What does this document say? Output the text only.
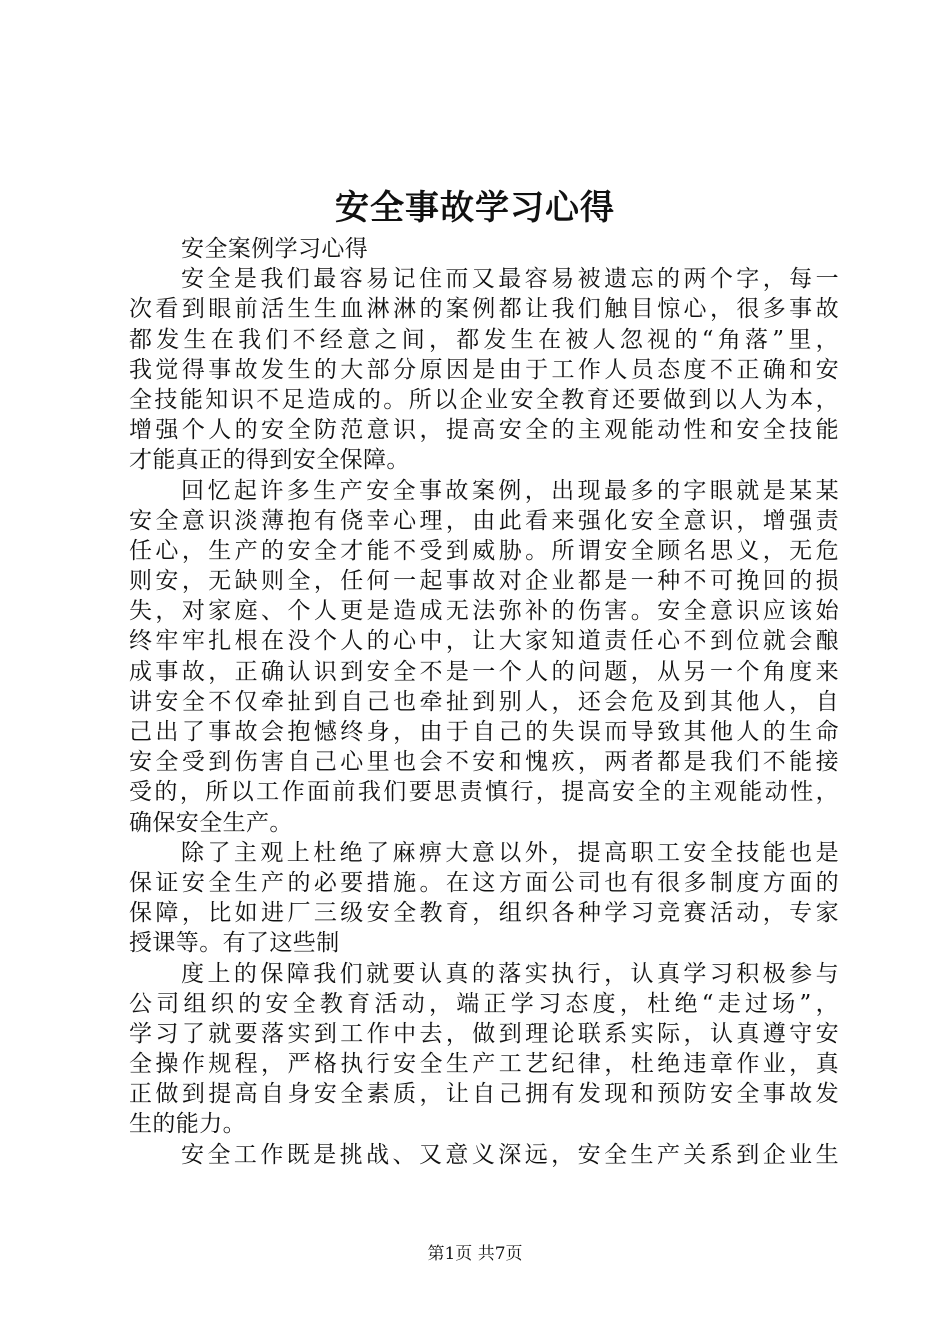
安全事故学习心得
安全案例学习心得
安全是我们最容易记住而又最容易被遗忘的两个字，每一
次看到眼前活生生血淋淋的案例都让我们触目惊心，很多事故
都发生在我们不经意之间，都发生在被人忽视的“角落”里，
我觉得事故发生的大部分原因是由于工作人员态度不正确和安
全技能知识不足造成的。所以企业安全教育还要做到以人为本，
增强个人的安全防范意识，提高安全的主观能动性和安全技能
才能真正的得到安全保障。
回忆起许多生产安全事故案例，出现最多的字眼就是某某
安全意识淡薄抱有侥幸心理，由此看来强化安全意识，增强责
任心，生产的安全才能不受到威胁。所谓安全顾名思义，无危
则安，无缺则全，任何一起事故对企业都是一种不可挽回的损
失，对家庭、个人更是造成无法弥补的伤害。安全意识应该始
终牢牢扎根在没个人的心中，让大家知道责任心不到位就会酿
成事故，正确认识到安全不是一个人的问题，从另一个角度来
讲安全不仅牵扯到自己也牵扯到别人，还会危及到其他人，自
己出了事故会抱憾终身，由于自己的失误而导致其他人的生命
安全受到伤害自己心里也会不安和愧疚，两者都是我们不能接
受的，所以工作面前我们要思责慎行，提高安全的主观能动性，
确保安全生产。
除了主观上杜绝了麻痹大意以外，提高职工安全技能也是
保证安全生产的必要措施。在这方面公司也有很多制度方面的
保障，比如进厂三级安全教育，组织各种学习竞赛活动，专家
授课等。有了这些制
度上的保障我们就要认真的落实执行，认真学习积极参与
公司组织的安全教育活动，端正学习态度，杜绝“走过场”，
学习了就要落实到工作中去，做到理论联系实际，认真遵守安
全操作规程，严格执行安全生产工艺纪律，杜绝违章作业，真
正做到提高自身安全素质，让自己拥有发现和预防安全事故发
生的能力。
安全工作既是挑战、又意义深远，安全生产关系到企业生
第1页 共7页
